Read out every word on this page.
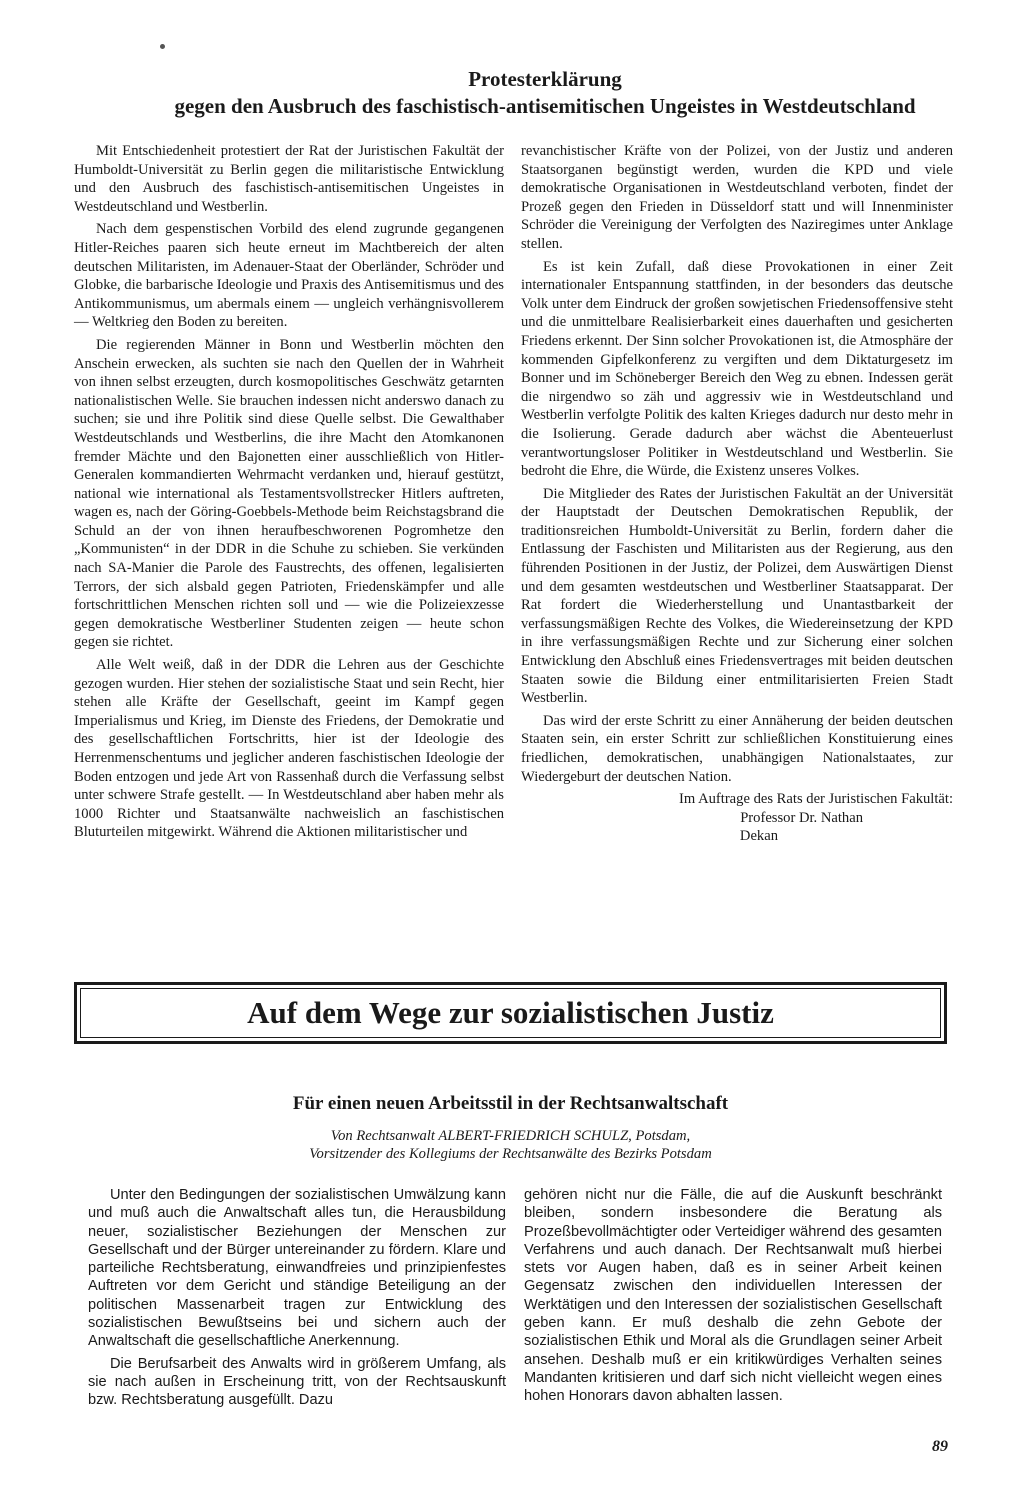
Protesterklärung
gegen den Ausbruch des faschistisch-antisemitischen Ungeistes in Westdeutschland

Mit Entschiedenheit protestiert der Rat der Juristischen Fakultät der Humboldt-Universität zu Berlin gegen die militaristische Entwicklung und den Ausbruch des faschistisch-antisemitischen Ungeistes in Westdeutschland und Westberlin.

Nach dem gespenstischen Vorbild des elend zugrunde gegangenen Hitler-Reiches paaren sich heute erneut im Machtbereich der alten deutschen Militaristen, im Adenauer-Staat der Oberländer, Schröder und Globke, die barbarische Ideologie und Praxis des Antisemitismus und des Antikommunismus, um abermals einem — ungleich verhängnisvollerem — Weltkrieg den Boden zu bereiten.

Die regierenden Männer in Bonn und Westberlin möchten den Anschein erwecken, als suchten sie nach den Quellen der in Wahrheit von ihnen selbst erzeugten, durch kosmopolitisches Geschwätz getarnten nationalistischen Welle. Sie brauchen indessen nicht anderswo danach zu suchen; sie und ihre Politik sind diese Quelle selbst. Die Gewalthaber Westdeutschlands und Westberlins, die ihre Macht den Atomkanonen fremder Mächte und den Bajonetten einer ausschließlich von Hitler-Generalen kommandierten Wehrmacht verdanken und, hierauf gestützt, national wie international als Testamentsvollstrecker Hitlers auftreten, wagen es, nach der Göring-Goebbels-Methode beim Reichstagsbrand die Schuld an der von ihnen heraufbeschworenen Pogromhetze den „Kommunisten“ in der DDR in die Schuhe zu schieben. Sie verkünden nach SA-Manier die Parole des Faustrechts, des offenen, legalisierten Terrors, der sich alsbald gegen Patrioten, Friedenskämpfer und alle fortschrittlichen Menschen richten soll und — wie die Polizeiexzesse gegen demokratische Westberliner Studenten zeigen — heute schon gegen sie richtet.

Alle Welt weiß, daß in der DDR die Lehren aus der Geschichte gezogen wurden. Hier stehen der sozialistische Staat und sein Recht, hier stehen alle Kräfte der Gesellschaft, geeint im Kampf gegen Imperialismus und Krieg, im Dienste des Friedens, der Demokratie und des gesellschaftlichen Fortschritts, hier ist der Ideologie des Herrenmenschentums und jeglicher anderen faschistischen Ideologie der Boden entzogen und jede Art von Rassenhaß durch die Verfassung selbst unter schwere Strafe gestellt. — In Westdeutschland aber haben mehr als 1000 Richter und Staatsanwälte nachweislich an faschistischen Bluturteilen mitgewirkt. Während die Aktionen militaristischer und

revanchistischer Kräfte von der Polizei, von der Justiz und anderen Staatsorganen begünstigt werden, wurden die KPD und viele demokratische Organisationen in Westdeutschland verboten, findet der Prozeß gegen den Frieden in Düsseldorf statt und will Innenminister Schröder die Vereinigung der Verfolgten des Naziregimes unter Anklage stellen.

Es ist kein Zufall, daß diese Provokationen in einer Zeit internationaler Entspannung stattfinden, in der besonders das deutsche Volk unter dem Eindruck der großen sowjetischen Friedensoffensive steht und die unmittelbare Realisierbarkeit eines dauerhaften und gesicherten Friedens erkennt. Der Sinn solcher Provokationen ist, die Atmosphäre der kommenden Gipfelkonferenz zu vergiften und dem Diktaturgesetz im Bonner und im Schöneberger Bereich den Weg zu ebnen. Indessen gerät die nirgendwo so zäh und aggressiv wie in Westdeutschland und Westberlin verfolgte Politik des kalten Krieges dadurch nur desto mehr in die Isolierung. Gerade dadurch aber wächst die Abenteuerlust verantwortungsloser Politiker in Westdeutschland und Westberlin. Sie bedroht die Ehre, die Würde, die Existenz unseres Volkes.

Die Mitglieder des Rates der Juristischen Fakultät an der Universität der Hauptstadt der Deutschen Demokratischen Republik, der traditionsreichen Humboldt-Universität zu Berlin, fordern daher die Entlassung der Faschisten und Militaristen aus der Regierung, aus den führenden Positionen in der Justiz, der Polizei, dem Auswärtigen Dienst und dem gesamten westdeutschen und Westberliner Staatsapparat. Der Rat fordert die Wiederherstellung und Unantastbarkeit der verfassungsmäßigen Rechte des Volkes, die Wiedereinsetzung der KPD in ihre verfassungsmäßigen Rechte und zur Sicherung einer solchen Entwicklung den Abschluß eines Friedensvertrages mit beiden deutschen Staaten sowie die Bildung einer entmilitarisierten Freien Stadt Westberlin.

Das wird der erste Schritt zu einer Annäherung der beiden deutschen Staaten sein, ein erster Schritt zur schließlichen Konstituierung eines friedlichen, demokratischen, unabhängigen Nationalstaates, zur Wiedergeburt der deutschen Nation.

Im Auftrage des Rats der Juristischen Fakultät:
Professor Dr. Nathan
Dekan
Auf dem Wege zur sozialistischen Justiz
Für einen neuen Arbeitsstil in der Rechtsanwaltschaft
Von Rechtsanwalt ALBERT-FRIEDRICH SCHULZ, Potsdam,
Vorsitzender des Kollegiums der Rechtsanwälte des Bezirks Potsdam

Unter den Bedingungen der sozialistischen Umwälzung kann und muß auch die Anwaltschaft alles tun, die Herausbildung neuer, sozialistischer Beziehungen der Menschen zur Gesellschaft und der Bürger untereinander zu fördern. Klare und parteiliche Rechtsberatung, einwandfreies und prinzipienfestes Auftreten vor dem Gericht und ständige Beteiligung an der politischen Massenarbeit tragen zur Entwicklung des sozialistischen Bewußtseins bei und sichern auch der Anwaltschaft die gesellschaftliche Anerkennung.

Die Berufsarbeit des Anwalts wird in größerem Umfang, als sie nach außen in Erscheinung tritt, von der Rechtsauskunft bzw. Rechtsberatung ausgefüllt. Dazu

gehören nicht nur die Fälle, die auf die Auskunft beschränkt bleiben, sondern insbesondere die Beratung als Prozeßbevollmächtigter oder Verteidiger während des gesamten Verfahrens und auch danach. Der Rechtsanwalt muß hierbei stets vor Augen haben, daß es in seiner Arbeit keinen Gegensatz zwischen den individuellen Interessen der Werktätigen und den Interessen der sozialistischen Gesellschaft geben kann. Er muß deshalb die zehn Gebote der sozialistischen Ethik und Moral als die Grundlagen seiner Arbeit ansehen. Deshalb muß er ein kritikwürdiges Verhalten seines Mandanten kritisieren und darf sich nicht vielleicht wegen eines hohen Honorars davon abhalten lassen.

89
